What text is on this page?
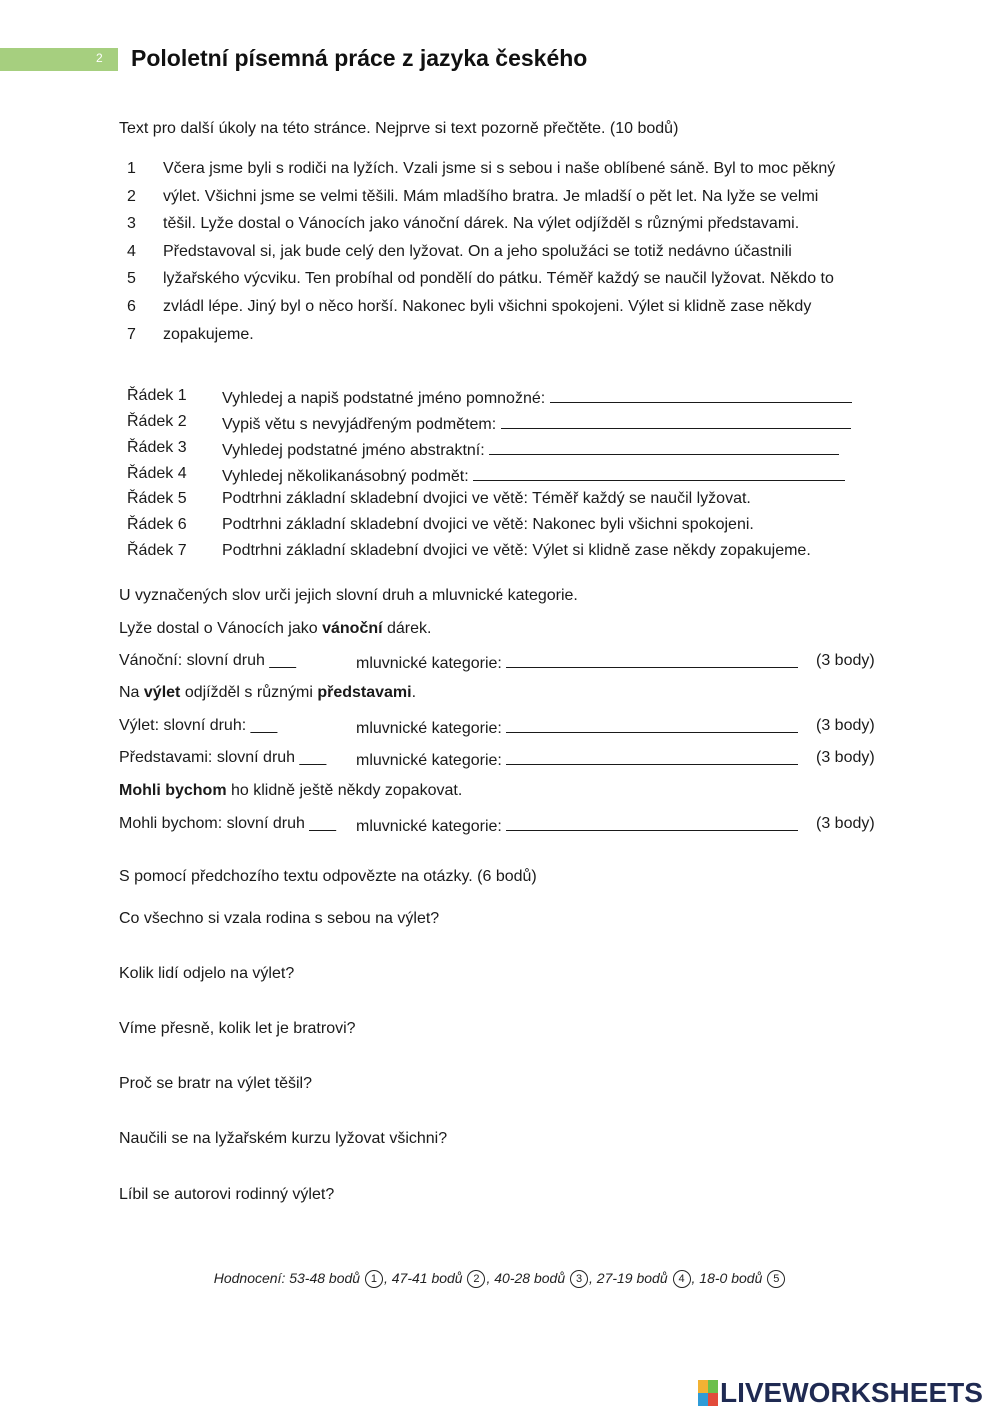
2 Pololetní písemná práce z jazyka českého
Text pro další úkoly na této stránce. Nejprve si text pozorně přečtěte. (10 bodů)
1	Včera jsme byli s rodiči na lyžích. Vzali jsme si s sebou i naše oblíbené sáně. Byl to moc pěkný
2	výlet. Všichni jsme se velmi těšili. Mám mladšího bratra. Je mladší o pět let. Na lyže se velmi
3	těšil. Lyže dostal o Vánocích jako vánoční dárek. Na výlet odjížděl s různými představami.
4	Představoval si, jak bude celý den lyžovat. On a jeho spolužáci se totiž nedávno účastnili
5	lyžařského výcviku. Ten probíhal od pondělí do pátku. Téměř každý se naučil lyžovat. Někdo to
6	zvládl lépe. Jiný byl o něco horší. Nakonec byli všichni spokojeni. Výlet si klidně zase někdy
7	zopakujeme.
Řádek 1 Vyhledej a napiš podstatné jméno pomnožné:
Řádek 2 Vypiš větu s nevyjádřeným podmětem:
Řádek 3 Vyhledej podstatné jméno abstraktní:
Řádek 4 Vyhledej několikanásobný podmět:
Řádek 5 Podtrhni základní skladební dvojici ve větě: Téměř každý se naučil lyžovat.
Řádek 6 Podtrhni základní skladební dvojici ve větě: Nakonec byli všichni spokojeni.
Řádek 7 Podtrhni základní skladební dvojici ve větě: Výlet si klidně zase někdy zopakujeme.
U vyznačených slov urči jejich slovní druh a mluvnické kategorie.
Lyže dostal o Vánocích jako vánoční dárek.
Vánoční: slovní druh ___	mluvnické kategorie:	(3 body)
Na výlet odjížděl s různými představami.
Výlet: slovní druh: ___	mluvnické kategorie:	(3 body)
Představami: slovní druh ___ mluvnické kategorie:	(3 body)
Mohli bychom ho klidně ještě někdy zopakovat.
Mohli bychom: slovní druh ___ mluvnické kategorie:	(3 body)
S pomocí předchozího textu odpovězte na otázky. (6 bodů)
Co všechno si vzala rodina s sebou na výlet?
Kolik lidí odjelo na výlet?
Víme přesně, kolik let je bratrovi?
Proč se bratr na výlet těšil?
Naučili se na lyžařském kurzu lyžovat všichni?
Líbil se autorovi rodinný výlet?
Hodnocení: 53-48 bodů 1 , 47-41 bodů 2 , 40-28 bodů 3 , 27-19 bodů 4 , 18-0 bodů 5
LIVEWORKSHEETS
